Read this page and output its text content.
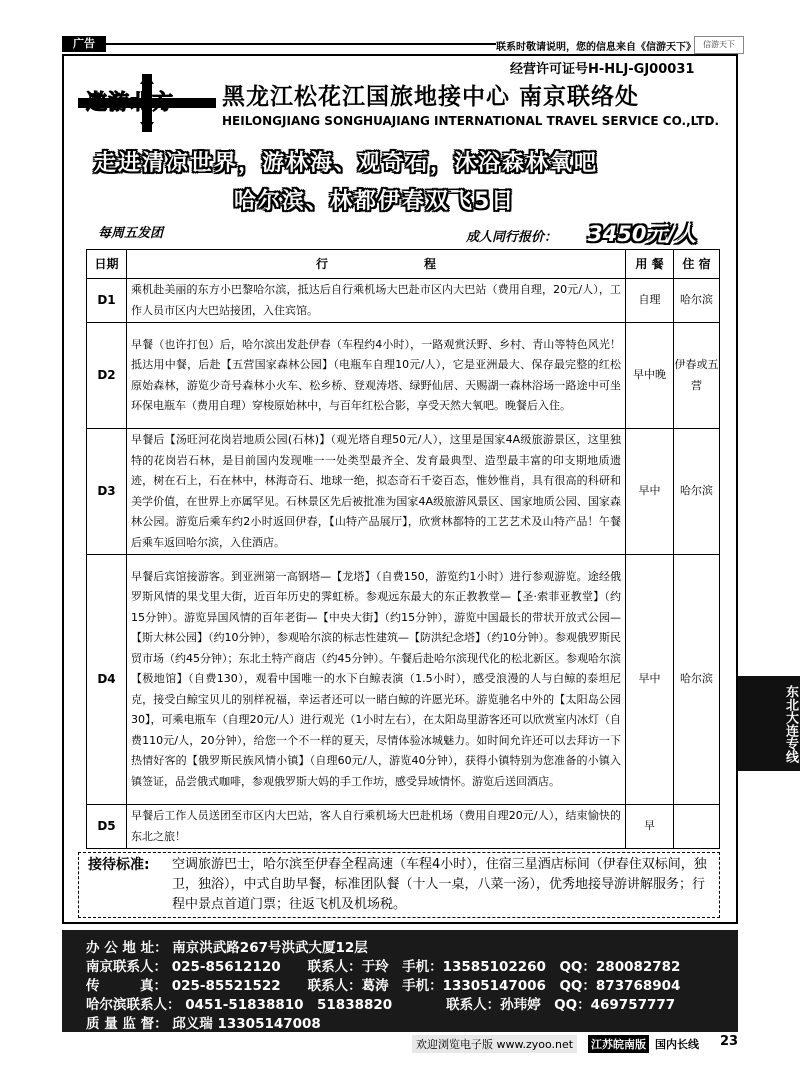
广告	联系时敬请说明，您的信息来自《信游天下》 信游天下
经营许可证号H-HLJ-GJ00031
遨游北方 黑龙江松花江国旅地接中心 南京联络处
HEILONGJIANG SONGHUAJIANG INTERNATIONAL TRAVEL SERVICE CO.,LTD.
走进清凉世界，游林海、观奇石，沐浴森林氧吧
哈尔滨、林都伊春双飞5日
每周五发团	成人同行报价： 3450元/人
日期	行　　　　　　　　程	用 餐	住 宿
D1	乘机赴美丽的东方小巴黎哈尔滨，抵达后自行乘机场大巴赴市区内大巴站（费用自理，20元/人），工作人员市区内大巴站接团，入住宾馆。	自理	哈尔滨
D2	早餐（也许打包）后，哈尔滨出发赴伊春（车程约4小时），一路观赏沃野、乡村、青山等特色风光！抵达用中餐，后赴【五营国家森林公园】（电瓶车自理10元/人），它是亚洲最大、保存最完整的红松原始森林，游览少奇号森林小火车、松乡桥、登观涛塔、绿野仙居、天赐湖一森林浴场一路途中可坐环保电瓶车（费用自理）穿梭原始林中，与百年红松合影，享受天然大氧吧。晚餐后入住。	早中晚	伊春或五营
D3	早餐后【汤旺河花岗岩地质公园(石林)】（观光塔自理50元/人），这里是国家4A级旅游景区，这里独特的花岗岩石林，是目前国内发现唯一一处类型最齐全、发育最典型、造型最丰富的印支期地质遗迹，树在石上，石在林中，林海奇石、地球一绝，拟态奇石千姿百态，惟妙惟肖，具有很高的科研和美学价值，在世界上亦属罕见。石林景区先后被批准为国家4A级旅游风景区、国家地质公园、国家森林公园。游览后乘车约2小时返回伊春，【山特产品展厅】，欣赏林都特的工艺艺术及山特产品！午餐后乘车返回哈尔滨，入住酒店。	早中	哈尔滨
D4	早餐后宾馆接游客。到亚洲第一高钢塔—【龙塔】（自费150，游览约1小时）进行参观游览。途经俄罗斯风情的果戈里大街，近百年历史的霁虹桥。参观远东最大的东正教教堂—【圣·索菲亚教堂】（约15分钟）。游览异国风情的百年老街—【中央大街】（约15分钟），游览中国最长的带状开放式公园—【斯大林公园】（约10分钟），参观哈尔滨的标志性建筑—【防洪纪念塔】（约10分钟）。参观俄罗斯民贸市场（约45分钟）；东北土特产商店（约45分钟）。午餐后赴哈尔滨现代化的松北新区。参观哈尔滨【极地馆】（自费130），观看中国唯一的水下白鲸表演（1.5小时），感受浪漫的人与白鲸的泰坦尼克，接受白鲸宝贝儿的别样祝福，幸运者还可以一睹白鲸的许愿光环。游览驰名中外的【太阳岛公园30】，可乘电瓶车（自理20元/人）进行观光（1小时左右），在太阳岛里游客还可以欣赏室内冰灯（自费110元/人，20分钟），给您一个不一样的夏天，尽情体验冰城魅力。如时间允许还可以去拜访一下热情好客的【俄罗斯民族风情小镇】（自理60元/人，游览40分钟），获得小镇特别为您准备的小镇入镇签证，品尝俄式咖啡，参观俄罗斯大妈的手工作坊，感受异域情怀。游览后送回酒店。	早中	哈尔滨
D5	早餐后工作人员送团至市区内大巴站，客人自行乘机场大巴赴机场（费用自理20元/人），结束愉快的东北之旅！	早	
接待标准: 空调旅游巴士，哈尔滨至伊春全程高速（车程4小时），住宿三星酒店标间（伊春住双标间，独卫，独浴），中式自助早餐，标准团队餐（十人一桌，八菜一汤），优秀地接导游讲解服务；行程中景点首道门票；往返飞机及机场税。
办 公 地 址： 南京洪武路267号洪武大厦12层
南京联系人： 025-85612120　　联系人：于玲　手机：13585102260　QQ：280082782
传　　　真： 025-85521522　　联系人：葛涛　手机：13305147006　QQ：873768904
哈尔滨联系人： 0451-51838810　51838820　　　　联系人：孙玮婷　QQ：469757777
质 量 监 督： 邱义瑞 13305147008
欢迎浏览电子版 www.zyoo.net	江苏皖南版 国内长线 23
东北大连专线
